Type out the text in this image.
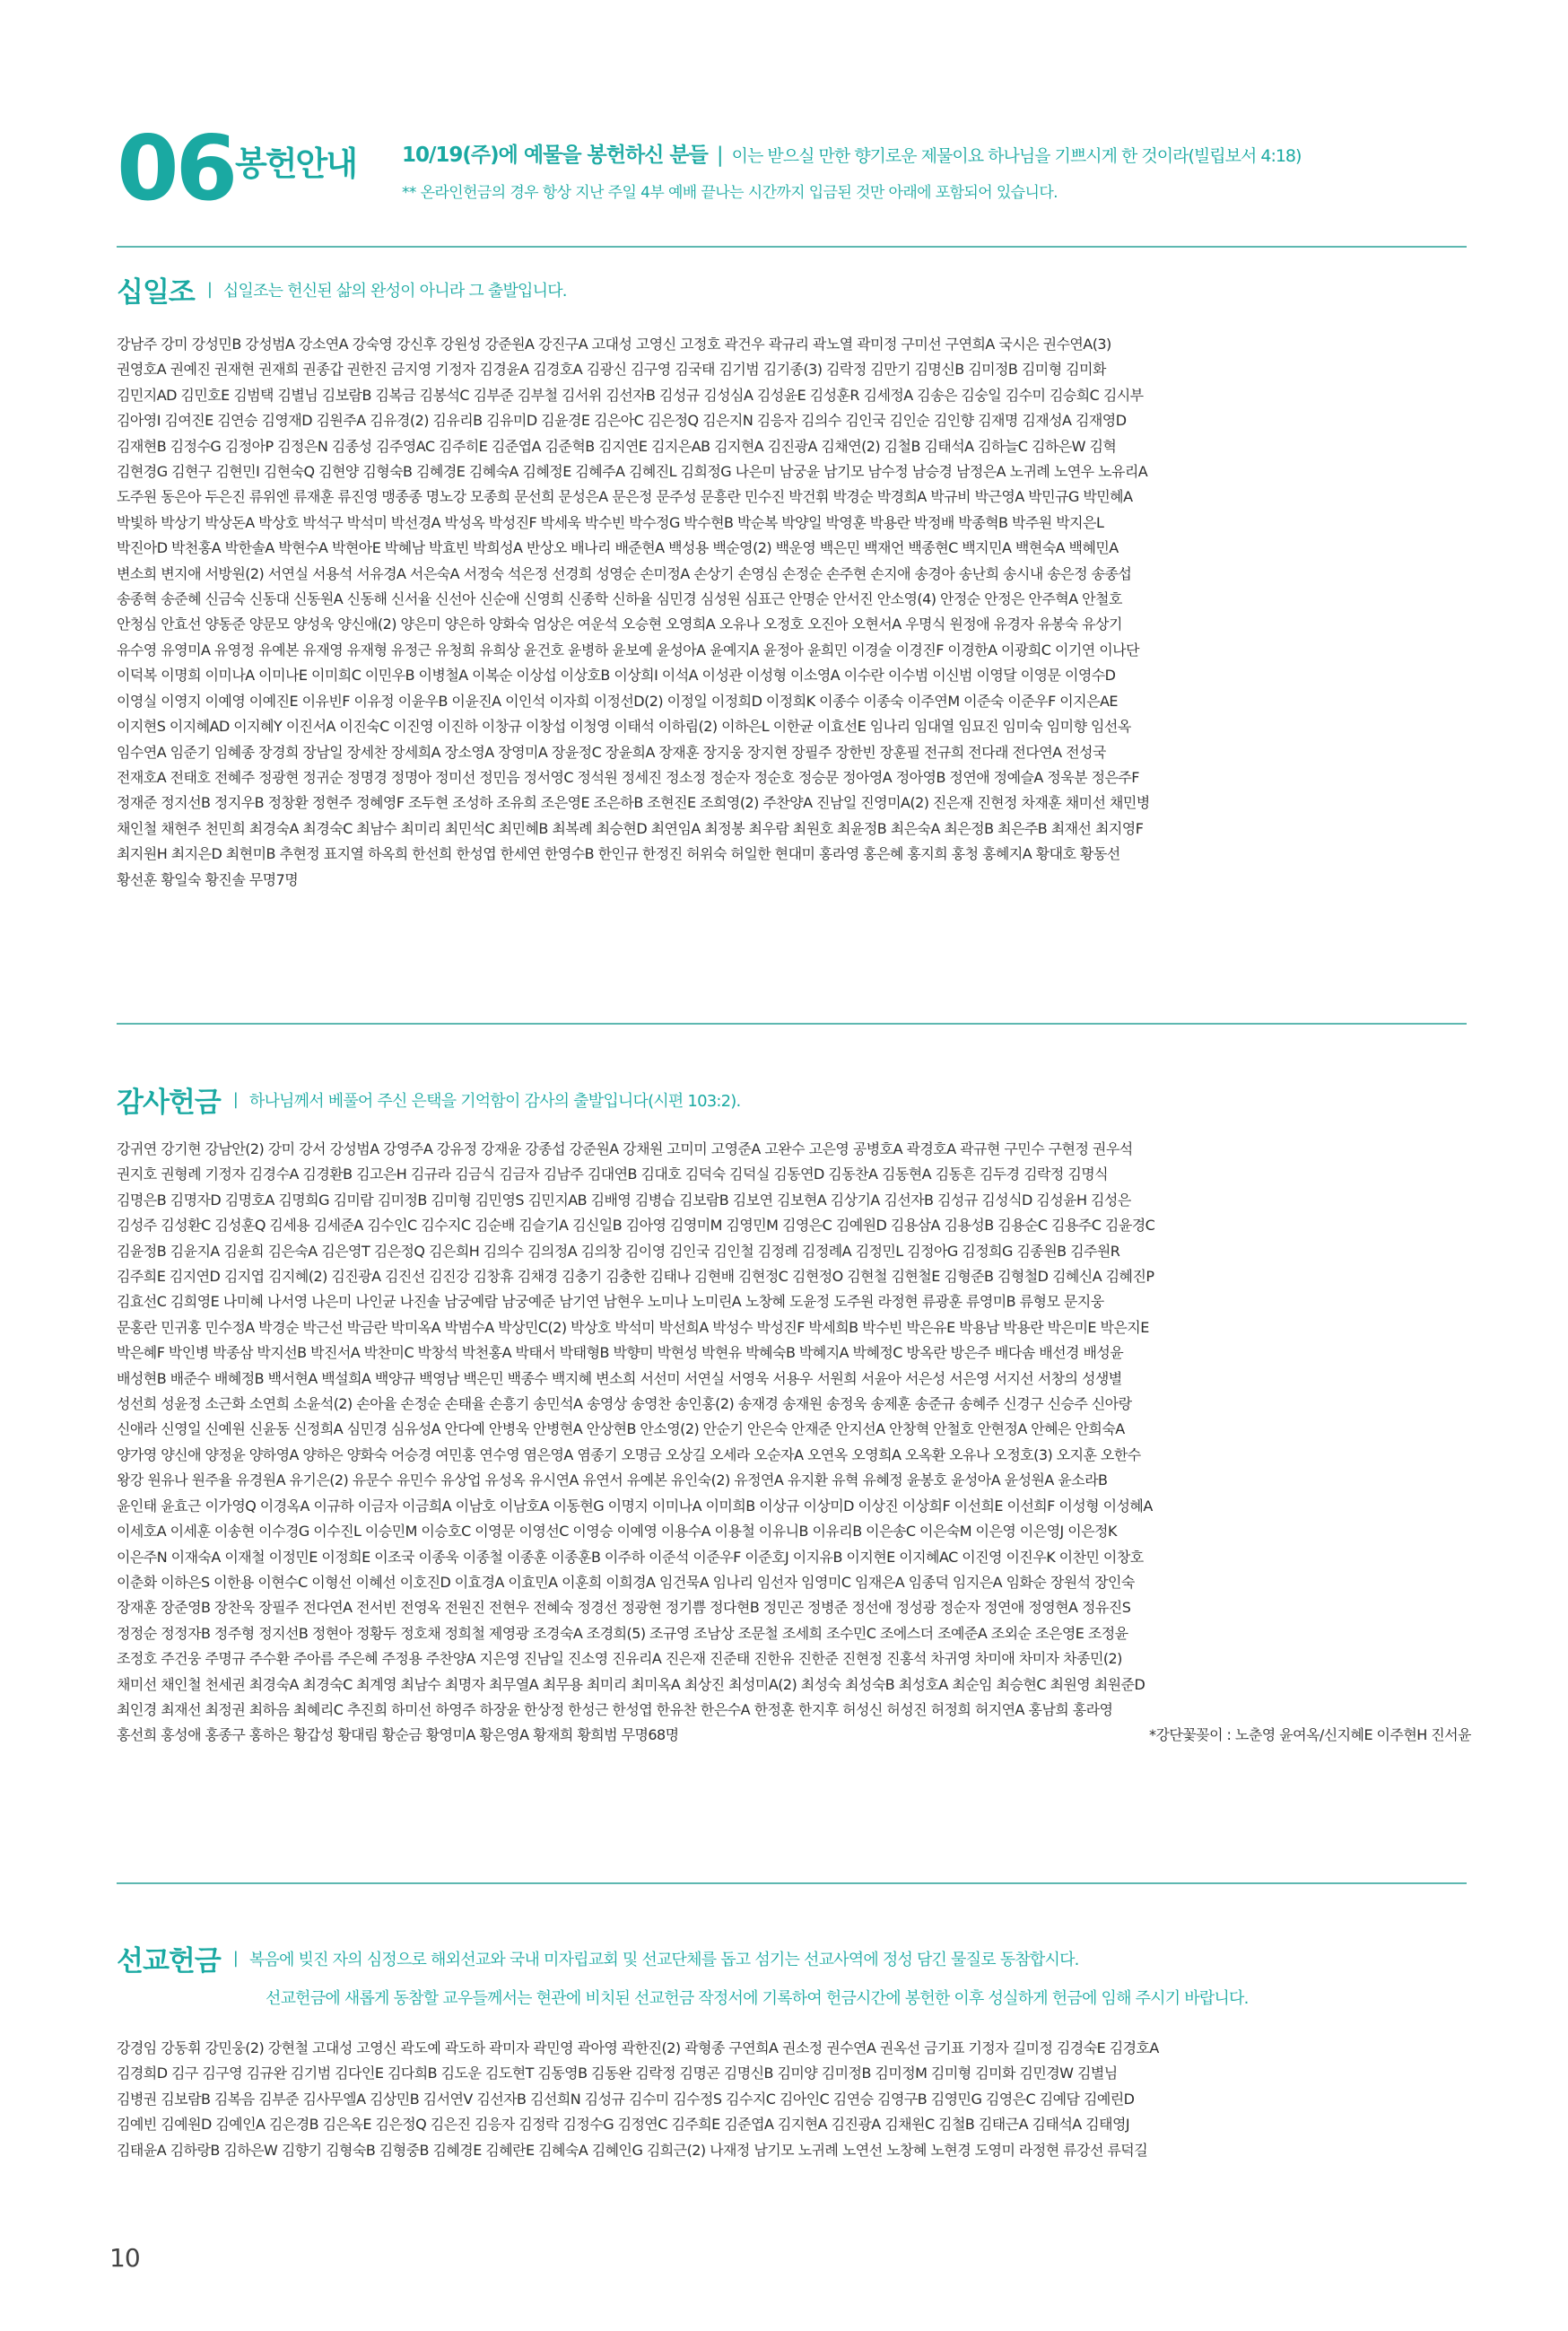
06 봉헌안내 10/19(주)에 예물을 봉헌하신 분들 | 이는 받으실 만한 향기로운 제물이요 하나님을 기쁘시게 한 것이라(빌립보서 4:18)
** 온라인헌금의 경우 항상 지난 주일 4부 예배 끝나는 시간까지 입금된 것만 아래에 포함되어 있습니다.
십일조 | 십일조는 헌신된 삶의 완성이 아니라 그 출발입니다.
강남주 강미 강성민B 강성범A 강소연A 강숙영 강신후 강원성 강준원A 강진구A 고대성 고영신 고정호 곽건우 곽규리 곽노열 곽미정 구미선 구연희A 국시은 권수연A(3)
권영호A 권예진 권재현 권재희 권종갑 권한진 금지영 기정자 김경윤A 김경호A 김광신 김구영 김국태 김기범 김기종(3) 김락정 김만기 김명신B 김미정B 김미형 김미화
김민지AD 김민호E 김범택 김별님 김보람B 김복금 김봉석C 김부준 김부철 김서위 김선자B 김성규 김성심A 김성윤E 김성훈R 김세정A 김송은 김숭일 김수미 김승희C 김시부
김아영I 김여진E 김연승 김영재D 김원주A 김유경(2) 김유리B 김유미D 김윤경E 김은아C 김은정Q 김은지N 김응자 김의수 김인국 김인순 김인향 김재명 김재성A 김재영D
김재현B 김정수G 김정아P 김정은N 김종성 김주영AC 김주히E 김준엽A 김준혁B 김지연E 김지은AB 김지현A 김진광A 김채연(2) 김철B 김태석A 김하늘C 김하은W 김혁
김현경G 김현구 김현민I 김현숙Q 김현양 김형숙B 김혜경E 김혜숙A 김혜정E 김혜주A 김혜진L 김희정G 나은미 남궁윤 남기모 남수정 남승경 남정은A 노귀례 노연우 노유리A
도주원 동은아 두은진 류위엔 류재훈 류진영 맹종종 명노강 모종희 문선희 문성은A 문은정 문주성 문흥란 민수진 박건휘 박경순 박경희A 박규비 박근영A 박민규G 박민혜A
박빛하 박상기 박상돈A 박상호 박석구 박석미 박선경A 박성옥 박성진F 박세욱 박수빈 박수정G 박수현B 박순복 박양일 박영훈 박용란 박정배 박종혁B 박주원 박지은L
박진아D 박천홍A 박한솔A 박현수A 박현아E 박혜남 박효빈 박희성A 반상오 배나리 배준현A 백성용 백순영(2) 백운영 백은민 백재언 백종현C 백지민A 백현숙A 백혜민A
변소희 변지애 서방원(2) 서연실 서용석 서유경A 서은숙A 서정숙 석은정 선경희 성영순 손미정A 손상기 손영심 손정순 손주현 손지애 송경아 송난희 송시내 송은정 송종섭
송종혁 송준혜 신금숙 신동대 신동원A 신동해 신서율 신선아 신순애 신영희 신종학 신하율 심민경 심성원 심표근 안명순 안서진 안소영(4) 안정순 안정은 안주혁A 안철호
안청심 안효선 양동준 양문모 양성욱 양신애(2) 양은미 양은하 양화숙 엄상은 여운석 오승현 오영희A 오유나 오정호 오진아 오현서A 우명식 원정애 유경자 유봉숙 유상기
유수영 유영미A 유영정 유예본 유재영 유재형 유정근 유청희 유희상 윤건호 윤병하 윤보예 윤성아A 윤예지A 윤정아 윤희민 이경술 이경진F 이경한A 이광희C 이기연 이나단
이덕복 이명희 이미나A 이미나E 이미희C 이민우B 이병철A 이복순 이상섭 이상호B 이상희I 이석A 이성관 이성형 이소영A 이수란 이수범 이신범 이영달 이영문 이영수D
이영실 이영지 이예영 이예진E 이유빈F 이유정 이윤우B 이윤진A 이인석 이자희 이정선D(2) 이정일 이정희D 이정희K 이종수 이종숙 이주연M 이준숙 이준우F 이지은AE
이지현S 이지혜AD 이지혜Y 이진서A 이진숙C 이진영 이진하 이창규 이창섭 이청영 이태석 이하림(2) 이하은L 이한균 이효선E 임나리 임대열 임묘진 임미숙 임미향 임선옥
임수연A 임준기 임혜종 장경희 장남일 장세찬 장세희A 장소영A 장영미A 장윤정C 장윤희A 장재훈 장지웅 장지현 장필주 장한빈 장훈필 전규희 전다래 전다연A 전성국
전재호A 전태호 전혜주 정광현 정귀순 정명경 정명아 정미선 정민음 정서영C 정석원 정세진 정소정 정순자 정순호 정승문 정아영A 정아영B 정연애 정예슬A 정욱분 정은주F
정재준 정지선B 정지우B 정창환 정현주 정혜영F 조두현 조성하 조유희 조은영E 조은하B 조현진E 조희영(2) 주찬양A 진남일 진영미A(2) 진은재 진현정 차재훈 채미선 채민병
채인철 채현주 천민희 최경숙A 최경숙C 최남수 최미리 최민석C 최민혜B 최복례 최승현D 최연임A 최정봉 최우람 최원호 최윤정B 최은숙A 최은정B 최은주B 최재선 최지영F
최지원H 최지은D 최현미B 추현정 표지열 하옥희 한선희 한성엽 한세연 한영수B 한인규 한정진 허위숙 허일한 현대미 홍라영 홍은혜 홍지희 홍청 홍혜지A 황대호 황동선
황선훈 황일숙 황진솔 무명7명
감사헌금 | 하나님께서 베풀어 주신 은택을 기억함이 감사의 출발입니다(시편 103:2).
강귀연 강기현 강남안(2) 강미 강서 강성범A 강영주A 강유정 강재윤 강종섭 강준원A 강채원 고미미 고영준A 고완수 고은영 공병호A 곽경호A 곽규현 구민수 구현정 권우석
권지호 권형례 기정자 김경수A 김경환B 김고은H 김규라 김금식 김금자 김남주 김대연B 김대호 김덕숙 김덕실 김동연D 김동찬A 김동현A 김동흔 김두경 김락정 김명식
김명은B 김명자D 김명호A 김명희G 김미람 김미정B 김미형 김민영S 김민지AB 김배영 김병습 김보람B 김보연 김보현A 김상기A 김선자B 김성규 김성식D 김성윤H 김성은
김성주 김성환C 김성훈Q 김세용 김세준A 김수인C 김수지C 김순배 김슬기A 김신일B 김아영 김영미M 김영민M 김영은C 김예원D 김용삼A 김용성B 김용순C 김용주C 김윤경C
김윤정B 김윤지A 김윤희 김은숙A 김은영T 김은정Q 김은희H 김의수 김의정A 김의창 김이영 김인국 김인철 김정례 김정례A 김정민L 김정아G 김정희G 김종원B 김주원R
김주희E 김지연D 김지엽 김지혜(2) 김진광A 김진선 김진강 김창휴 김채경 김충기 김충한 김태나 김현배 김현정C 김현정O 김현철 김현철E 김형준B 김형철D 김혜신A 김혜진P
김효선C 김희영E 나미혜 나서영 나은미 나인균 나진솔 남궁예람 남궁예준 남기연 남현우 노미나 노미린A 노창혜 도윤정 도주원 라정현 류광훈 류영미B 류형모 문지웅
문홍란 민귀홍 민수정A 박경순 박근선 박금란 박미옥A 박범수A 박상민C(2) 박상호 박석미 박선희A 박성수 박성진F 박세희B 박수빈 박은유E 박용남 박용란 박은미E 박은지E
박은혜F 박인병 박종삼 박지선B 박진서A 박찬미C 박창석 박천홍A 박태서 박태형B 박향미 박현성 박현유 박혜숙B 박혜지A 박혜정C 방옥란 방은주 배다솜 배선경 배성윤
배성현B 배준수 배혜정B 백서현A 백설희A 백양규 백영남 백은민 백종수 백지혜 변소희 서선미 서연실 서영욱 서용우 서원희 서윤아 서은성 서은영 서지선 서창의 성생별
성선희 성윤정 소근화 소연희 소윤석(2) 손아율 손정순 손태율 손흥기 송민석A 송영상 송영찬 송인홍(2) 송재경 송재원 송정욱 송제훈 송준규 송혜주 신경구 신승주 신아랑
신애라 신영일 신예원 신윤동 신정희A 심민경 심유성A 안다예 안병욱 안병현A 안상현B 안소영(2) 안순기 안은숙 안재준 안지선A 안창혁 안철호 안현정A 안혜은 안희숙A
양가영 양신애 양정윤 양하영A 양하은 양화숙 어승경 여민홍 연수영 염은영A 염종기 오명금 오상길 오세라 오순자A 오연옥 오영희A 오옥환 오유나 오정호(3) 오지훈 오한수
왕강 원유나 원주율 유경원A 유기은(2) 유문수 유민수 유상업 유성옥 유시연A 유연서 유예본 유인숙(2) 유정연A 유지환 유혁 유혜정 윤봉호 윤성아A 윤성원A 윤소라B
윤인태 윤효근 이가영Q 이경옥A 이규하 이금자 이금희A 이남호 이남호A 이동현G 이명지 이미나A 이미희B 이상규 이상미D 이상진 이상희F 이선희E 이선희F 이성형 이성혜A
이세호A 이세훈 이송현 이수경G 이수진L 이승민M 이승호C 이영문 이영선C 이영승 이예영 이용수A 이용철 이유니B 이유리B 이은송C 이은숙M 이은영 이은영J 이은정K
이은주N 이재숙A 이재철 이정민E 이정희E 이조국 이종욱 이종철 이종훈 이종훈B 이주하 이준석 이준우F 이준호J 이지유B 이지현E 이지혜AC 이진영 이진우K 이찬민 이창호
이춘화 이하은S 이한용 이현수C 이형선 이혜선 이호진D 이효경A 이효민A 이훈희 이희경A 임건묵A 임나리 임선자 임영미C 임재은A 임종덕 임지은A 임화순 장원석 장인숙
장재훈 장준영B 장찬욱 장필주 전다연A 전서빈 전영옥 전원진 전현우 전혜숙 정경선 정광현 정기쁨 정다현B 정민곤 정병준 정선애 정성광 정순자 정연애 정영현A 정유진S
정정순 정정자B 정주형 정지선B 정현아 정황두 정호채 정희철 제영광 조경숙A 조경희(5) 조규영 조남상 조문철 조세희 조수민C 조에스더 조예준A 조외순 조은영E 조정윤
조정호 주건웅 주명규 주수환 주아름 주은혜 주정용 주찬양A 지은영 진남일 진소영 진유리A 진은재 진준태 진한유 진한준 진현정 진홍석 차귀영 차미애 차미자 차종민(2)
채미선 채인철 천세권 최경숙A 최경숙C 최계영 최남수 최명자 최무열A 최무용 최미리 최미옥A 최상진 최성미A(2) 최성숙 최성숙B 최성호A 최순임 최승현C 최원영 최원준D
최인경 최재선 최정권 최하음 최혜리C 추진희 하미선 하영주 하장윤 한상정 한성근 한성엽 한유찬 한은수A 한정훈 한지후 허성신 허성진 허정희 허지연A 홍남희 홍라영
홍선희 홍성애 홍종구 홍하은 황갑성 황대림 황순금 황영미A 황은영A 황재희 황희범 무명68명	*강단꽃꽂이 : 노춘영 윤여옥/신지혜E 이주현H 진서윤
선교헌금 | 복음에 빚진 자의 심정으로 해외선교와 국내 미자립교회 및 선교단체를 돕고 섬기는 선교사역에 정성 담긴 물질로 동참합시다.
선교헌금에 새롭게 동참할 교우들께서는 현관에 비치된 선교헌금 작정서에 기록하여 헌금시간에 봉헌한 이후 성실하게 헌금에 임해 주시기 바랍니다.
강경임 강동휘 강민웅(2) 강현철 고대성 고영신 곽도예 곽도하 곽미자 곽민영 곽아영 곽한진(2) 곽형종 구연희A 권소정 권수연A 권옥선 금기표 기정자 길미정 김경숙E 김경호A
김경희D 김구 김구영 김규완 김기범 김다인E 김다희B 김도운 김도현T 김동영B 김동완 김락정 김명곤 김명신B 김미양 김미정B 김미정M 김미형 김미화 김민경W 김별님
김병권 김보람B 김복음 김부준 김사무엘A 김상민B 김서연V 김선자B 김선희N 김성규 김수미 김수정S 김수지C 김아인C 김연승 김영구B 김영민G 김영은C 김예담 김예린D
김예빈 김예원D 김예인A 김은경B 김은옥E 김은정Q 김은진 김응자 김정락 김정수G 김정연C 김주희E 김준엽A 김지현A 김진광A 김채원C 김철B 김태근A 김태석A 김태영J
김태윤A 김하랑B 김하은W 김향기 김형숙B 김형중B 김혜경E 김혜란E 김혜숙A 김혜인G 김희근(2) 나재정 남기모 노귀례 노연선 노창혜 노현경 도영미 라정현 류강선 류덕길
10
